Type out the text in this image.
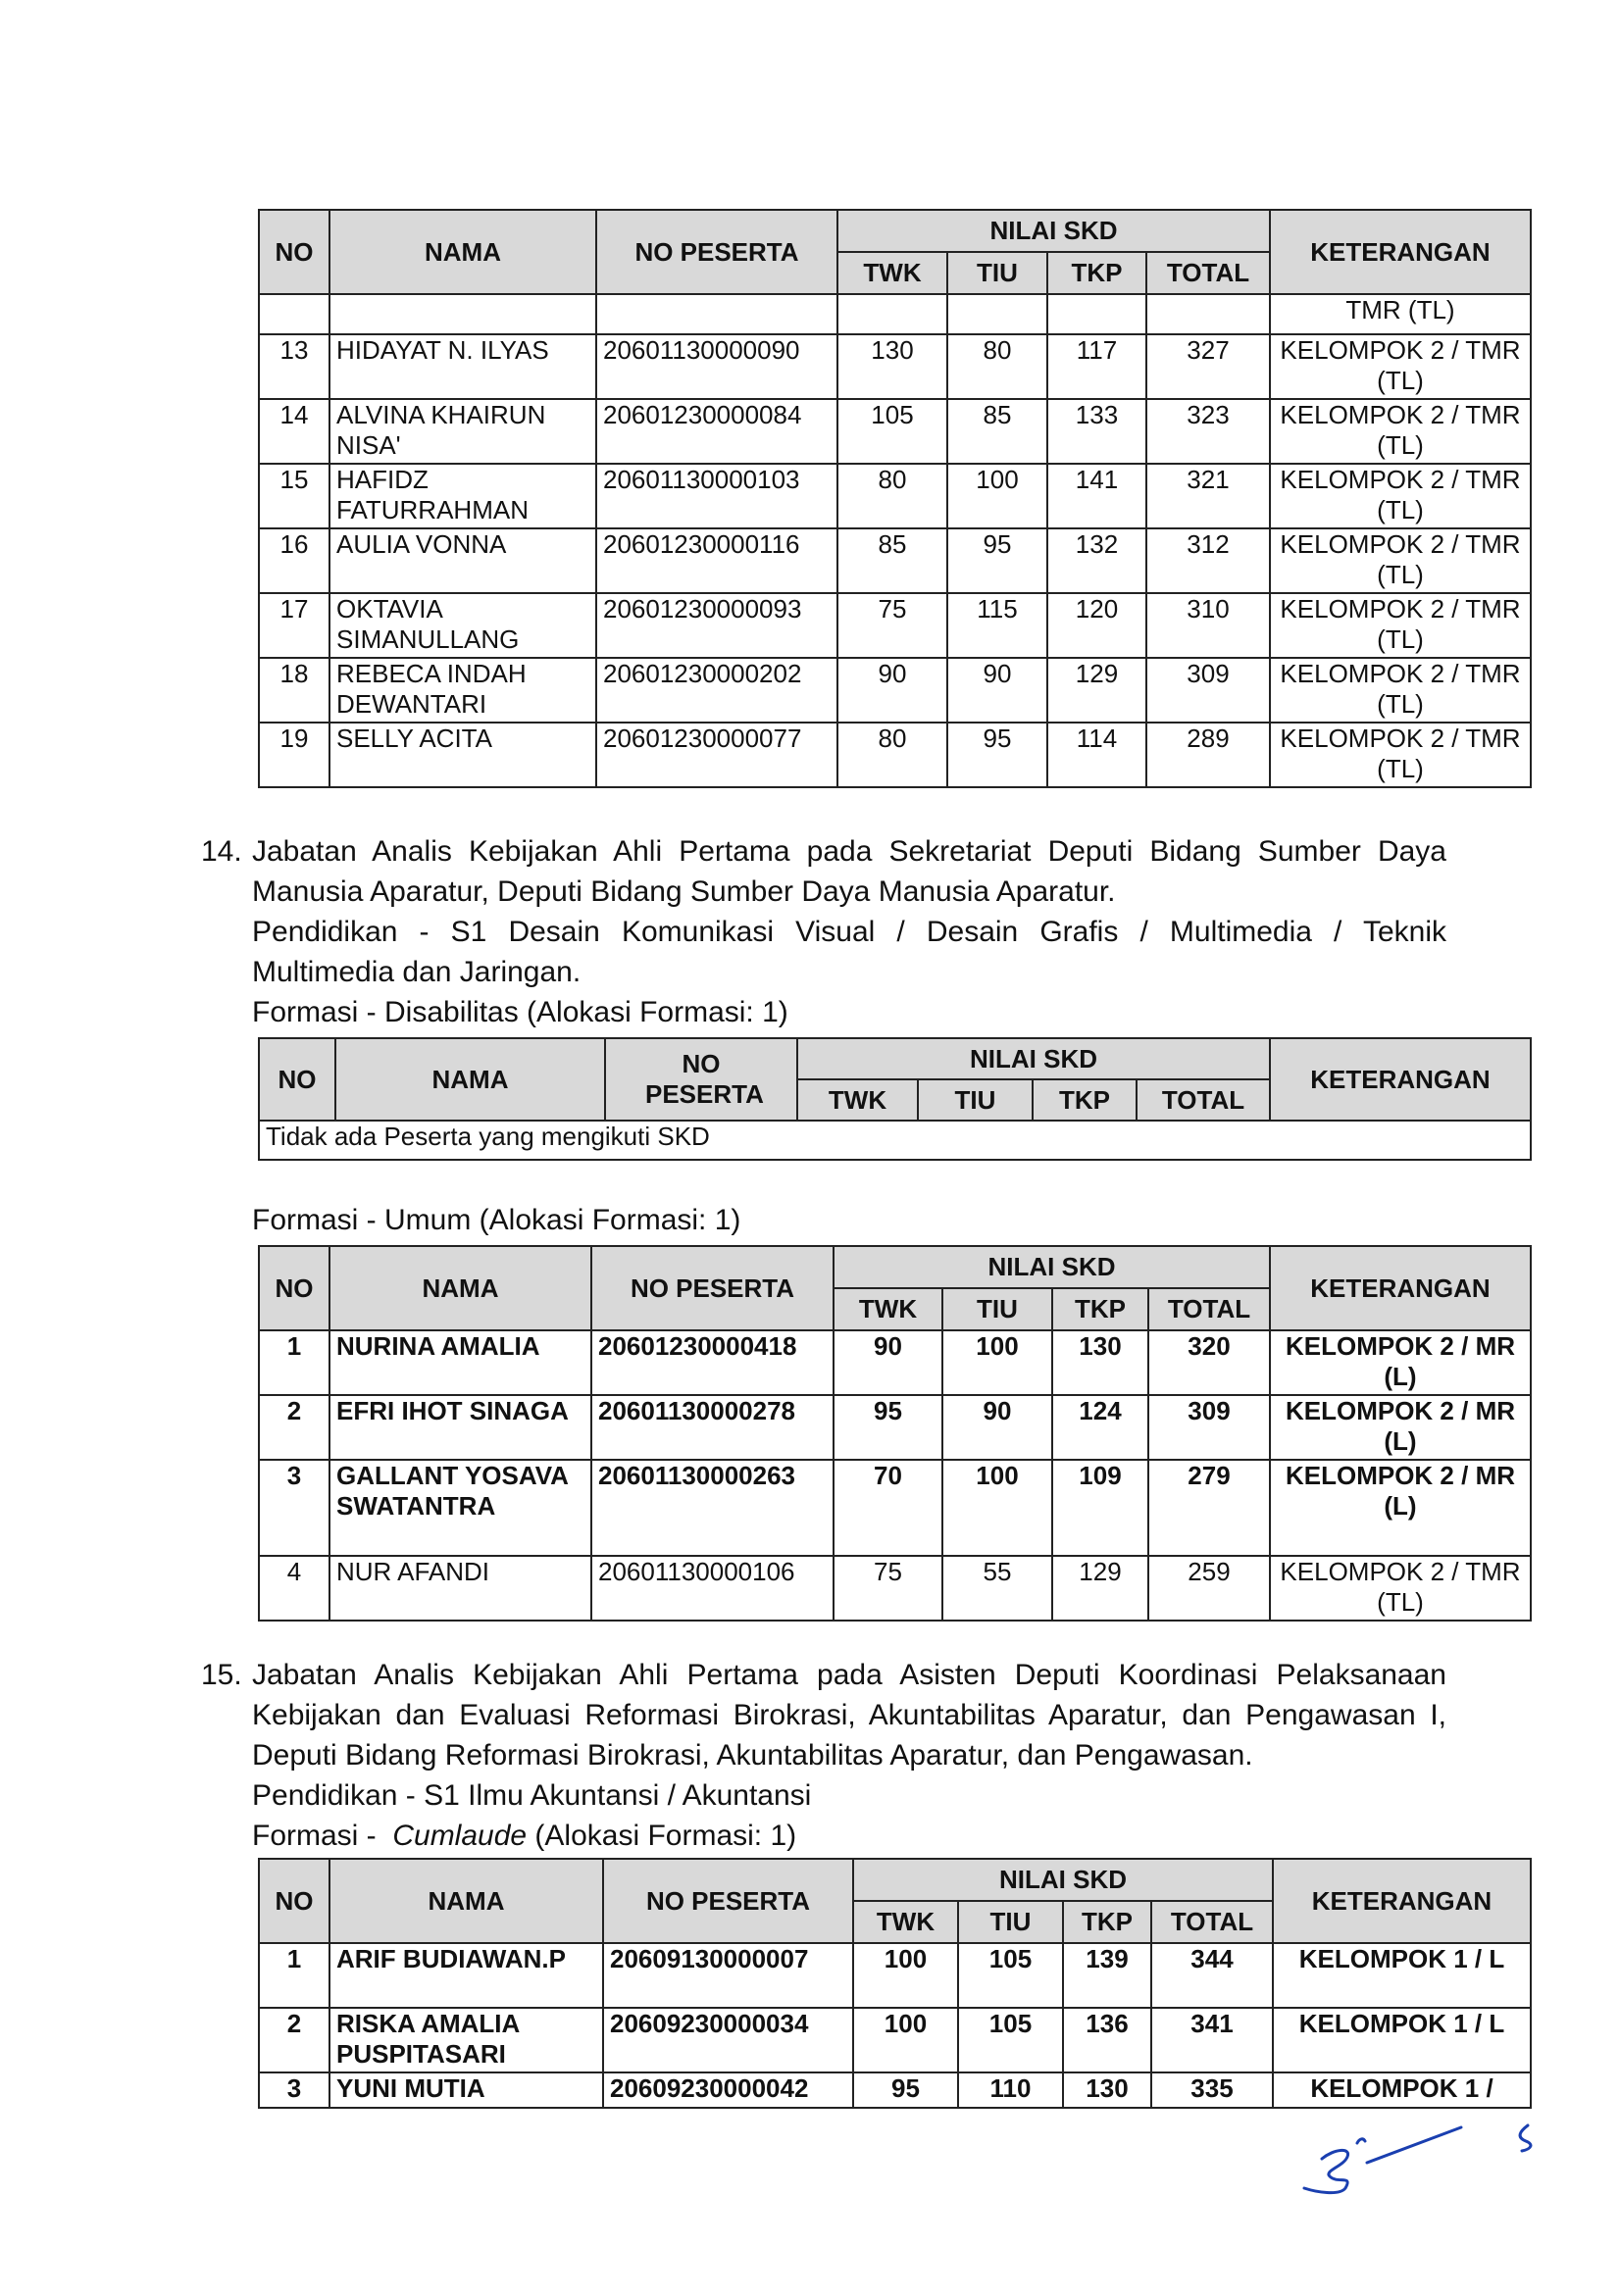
NO	NAMA	NO PESERTA	NILAI SKD				KETERANGAN
			TWK	TIU	TKP	TOTAL	
							TMR (TL)
13	HIDAYAT N. ILYAS	20601130000090	130	80	117	327	KELOMPOK 2 / TMR (TL)
14	ALVINA KHAIRUN NISA'	20601230000084	105	85	133	323	KELOMPOK 2 / TMR (TL)
15	HAFIDZ FATURRAHMAN	20601130000103	80	100	141	321	KELOMPOK 2 / TMR (TL)
16	AULIA VONNA	20601230000116	85	95	132	312	KELOMPOK 2 / TMR (TL)
17	OKTAVIA SIMANULLANG	20601230000093	75	115	120	310	KELOMPOK 2 / TMR (TL)
18	REBECA INDAH DEWANTARI	20601230000202	90	90	129	309	KELOMPOK 2 / TMR (TL)
19	SELLY ACITA	20601230000077	80	95	114	289	KELOMPOK 2 / TMR (TL)
14. Jabatan Analis Kebijakan Ahli Pertama pada Sekretariat Deputi Bidang Sumber Daya
Manusia Aparatur, Deputi Bidang Sumber Daya Manusia Aparatur.
Pendidikan - S1 Desain Komunikasi Visual / Desain Grafis / Multimedia / Teknik
Multimedia dan Jaringan.
Formasi - Disabilitas (Alokasi Formasi: 1)
NO	NAMA	NO PESERTA	NILAI SKD				KETERANGAN
			TWK	TIU	TKP	TOTAL	
Tidak ada Peserta yang mengikuti SKD							
Formasi - Umum (Alokasi Formasi: 1)
NO	NAMA	NO PESERTA	NILAI SKD				KETERANGAN
			TWK	TIU	TKP	TOTAL	
1	NURINA AMALIA	20601230000418	90	100	130	320	KELOMPOK 2 / MR (L)
2	EFRI IHOT SINAGA	20601130000278	95	90	124	309	KELOMPOK 2 / MR (L)
3	GALLANT YOSAVA SWATANTRA	20601130000263	70	100	109	279	KELOMPOK 2 / MR (L)
4	NUR AFANDI	20601130000106	75	55	129	259	KELOMPOK 2 / TMR (TL)
15. Jabatan Analis Kebijakan Ahli Pertama pada Asisten Deputi Koordinasi Pelaksanaan
Kebijakan dan Evaluasi Reformasi Birokrasi, Akuntabilitas Aparatur, dan Pengawasan I,
Deputi Bidang Reformasi Birokrasi, Akuntabilitas Aparatur, dan Pengawasan.
Pendidikan - S1 Ilmu Akuntansi / Akuntansi
Formasi -  Cumlaude (Alokasi Formasi: 1)
NO	NAMA	NO PESERTA	NILAI SKD				KETERANGAN
			TWK	TIU	TKP	TOTAL	
1	ARIF BUDIAWAN.P	20609130000007	100	105	139	344	KELOMPOK 1 / L
2	RISKA AMALIA PUSPITASARI	20609230000034	100	105	136	341	KELOMPOK 1 / L
3	YUNI MUTIA	20609230000042	95	110	130	335	KELOMPOK 1 /
